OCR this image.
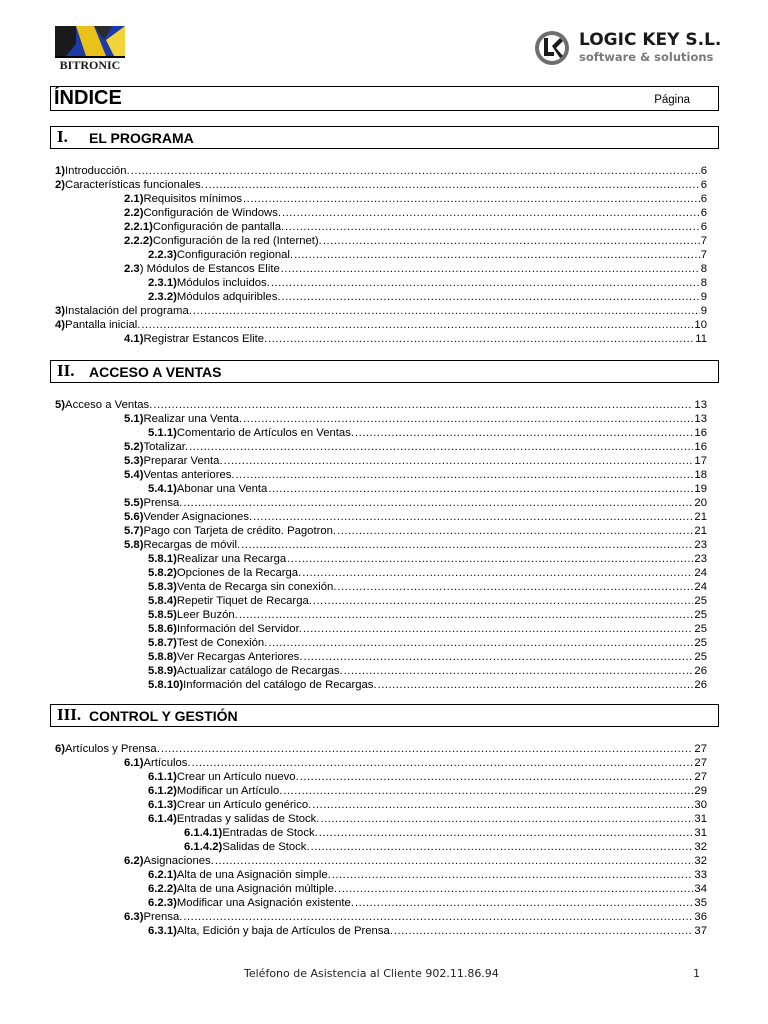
BITRONIC
LOGIC KEY S.L.
software & solutions
ÍNDICE	Página
I. EL PROGRAMA
II. ACCESO A VENTAS
III. CONTROL Y GESTIÓN
1) Introducción. .....	6
2) Características funcionales. .....	6
2.1) Requisitos mínimos .....	6
2.2) Configuración de Windows. .....	6
2.2.1) Configuración de pantalla. .....	6
2.2.2) Configuración de la red (Internet). .....	7
2.2.3) Configuración regional. .....	7
2.3 ) Módulos de Estancos Elite .....	8
2.3.1) Módulos incluidos. .....	8
2.3.2) Módulos adquiribles. .....	9
3) Instalación del programa. .....	9
4) Pantalla inicial. .....	10
4.1) Registrar Estancos Elite. .....	11
5) Acceso a Ventas. .....	13
5.1) Realizar una Venta. .....	13
5.1.1) Comentario de Artículos en Ventas. .....	16
5.2) Totalizar. .....	16
5.3) Preparar Venta. .....	17
5.4) Ventas anteriores. .....	18
5.4.1) Abonar una Venta .....	19
5.5) Prensa. .....	20
5.6) Vender Asignaciones. .....	21
5.7) Pago con Tarjeta de crédito. Pagotron. .....	21
5.8) Recargas de móvil. .....	23
5.8.1) Realizar una Recarga .....	23
5.8.2) Opciones de la Recarga. .....	24
5.8.3) Venta de Recarga sin conexión. .....	24
5.8.4) Repetir Tiquet de Recarga. .....	25
5.8.5) Leer Buzón. .....	25
5.8.6) Información del Servidor. .....	25
5.8.7) Test de Conexión. .....	25
5.8.8) Ver Recargas Anteriores. .....	25
5.8.9) Actualizar catálogo de Recargas. .....	26
5.8.10) Información del catálogo de Recargas. .....	26
6) Artículos y Prensa. .....	27
6.1) Artículos. .....	27
6.1.1) Crear un Artículo nuevo. .....	27
6.1.2) Modificar un Artículo. .....	29
6.1.3) Crear un Artículo genérico. .....	30
6.1.4) Entradas y salidas de Stock. .....	31
6.1.4.1) Entradas de Stock. .....	31
6.1.4.2) Salidas de Stock. .....	32
6.2) Asignaciones. .....	32
6.2.1) Alta de una Asignación simple. .....	33
6.2.2) Alta de una Asignación múltiple. .....	34
6.2.3) Modificar una Asignación existente. .....	35
6.3) Prensa. .....	36
6.3.1) Alta, Edición y baja de Artículos de Prensa. .....	37
Teléfono de Asistencia al Cliente 902.11.86.94	1
